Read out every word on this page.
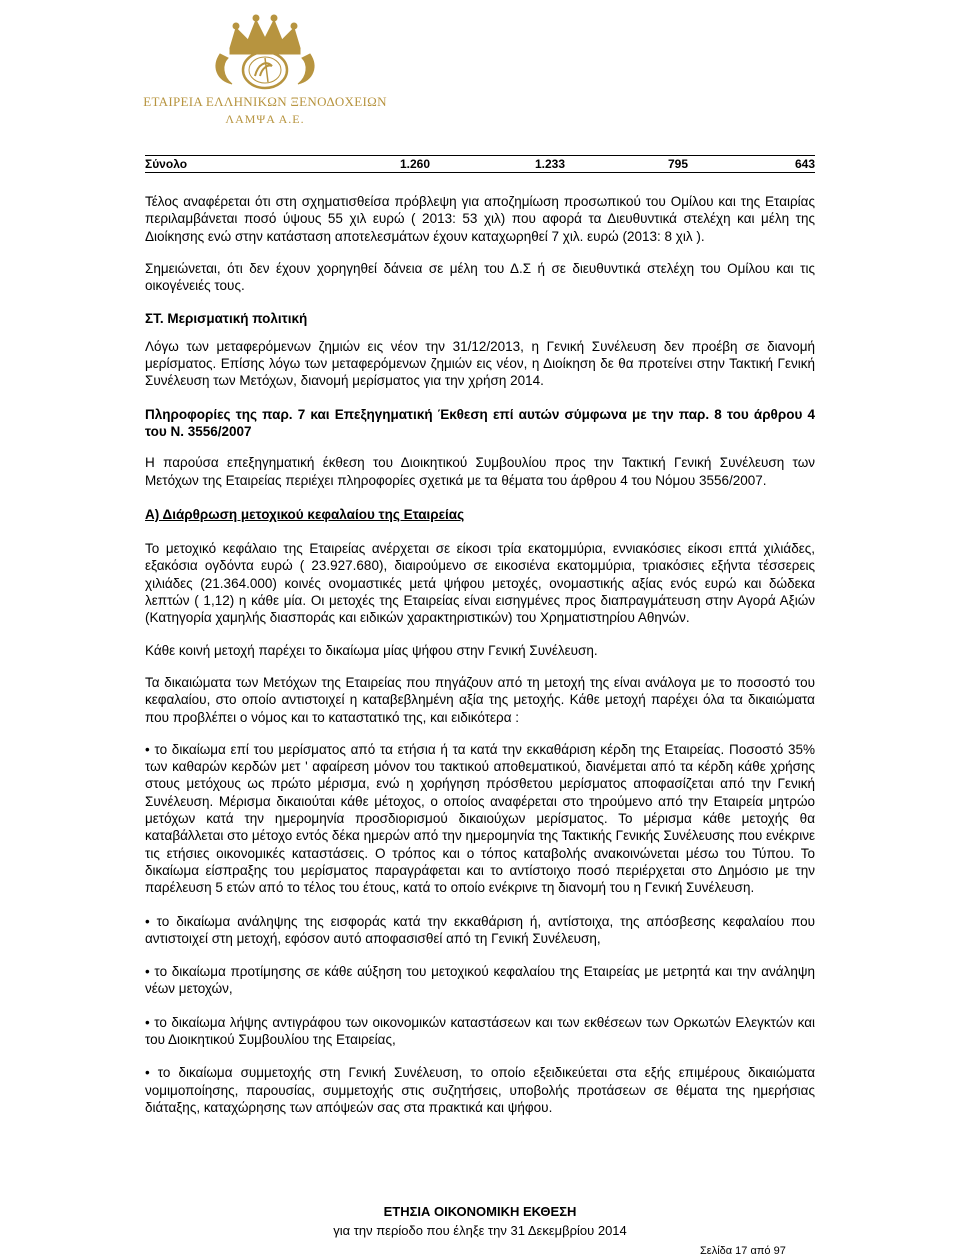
ΕΤΑΙΡΕΙΑ ΕΛΛΗΝΙΚΩΝ ΞΕΝΟΔΟΧΕΙΩΝ
ΛΑΜΨΑ Α.Ε.
Σύνολο	1.260	1.233	795	643

Τέλος αναφέρεται ότι στη σχηματισθείσα πρόβλεψη για αποζημίωση προσωπικού του Ομίλου και της Εταιρίας περιλαμβάνεται ποσό ύψους 55 χιλ ευρώ ( 2013: 53 χιλ) που αφορά τα Διευθυντικά στελέχη και μέλη της Διοίκησης ενώ στην κατάσταση αποτελεσμάτων έχουν καταχωρηθεί 7 χιλ. ευρώ (2013: 8 χιλ ).

Σημειώνεται, ότι δεν έχουν χορηγηθεί δάνεια σε μέλη του Δ.Σ ή σε διευθυντικά στελέχη του Ομίλου και τις οικογένειές τους.

ΣΤ. Μερισματική πολιτική

Λόγω των μεταφερόμενων ζημιών εις νέον την 31/12/2013, η Γενική Συνέλευση δεν προέβη σε διανομή μερίσματος. Επίσης λόγω των μεταφερόμενων ζημιών εις νέον, η Διοίκηση δε θα προτείνει στην Τακτική Γενική Συνέλευση των Μετόχων, διανομή μερίσματος για την χρήση 2014.

Πληροφορίες της παρ. 7 και Επεξηγηματική Έκθεση επί αυτών σύμφωνα με την παρ. 8 του άρθρου 4 του Ν. 3556/2007

Η παρούσα επεξηγηματική έκθεση του Διοικητικού Συμβουλίου προς την Τακτική Γενική Συνέλευση των Μετόχων της Εταιρείας περιέχει πληροφορίες σχετικά με τα θέματα του άρθρου 4 του Νόμου 3556/2007.

Α) Διάρθρωση μετοχικού κεφαλαίου της Εταιρείας

Το μετοχικό κεφάλαιο της Εταιρείας ανέρχεται σε είκοσι τρία εκατομμύρια, εννιακόσιες είκοσι επτά χιλιάδες, εξακόσια ογδόντα ευρώ ( 23.927.680), διαιρούμενο σε εικοσιένα εκατομμύρια, τριακόσιες εξήντα τέσσερεις χιλιάδες (21.364.000) κοινές ονομαστικές μετά ψήφου μετοχές, ονομαστικής αξίας ενός ευρώ και δώδεκα λεπτών ( 1,12) η κάθε μία. Οι μετοχές της Εταιρείας είναι εισηγμένες προς διαπραγμάτευση στην Αγορά Αξιών (Κατηγορία χαμηλής διασποράς και ειδικών χαρακτηριστικών) του Χρηματιστηρίου Αθηνών.

Κάθε κοινή μετοχή παρέχει το δικαίωμα μίας ψήφου στην Γενική Συνέλευση.

Τα δικαιώματα των Μετόχων της Εταιρείας που πηγάζουν από τη μετοχή της είναι ανάλογα με το ποσοστό του κεφαλαίου, στο οποίο αντιστοιχεί η καταβεβλημένη αξία της μετοχής. Κάθε μετοχή παρέχει όλα τα δικαιώματα που προβλέπει ο νόμος και το καταστατικό της, και ειδικότερα :

• το δικαίωμα επί του μερίσματος από τα ετήσια ή τα κατά την εκκαθάριση κέρδη της Εταιρείας. Ποσοστό 35% των καθαρών κερδών μετ ' αφαίρεση μόνον του τακτικού αποθεματικού, διανέμεται από τα κέρδη κάθε χρήσης στους μετόχους ως πρώτο μέρισμα, ενώ η χορήγηση πρόσθετου μερίσματος αποφασίζεται από την Γενική Συνέλευση. Μέρισμα δικαιούται κάθε μέτοχος, ο οποίος αναφέρεται στο τηρούμενο από την Εταιρεία μητρώο μετόχων κατά την ημερομηνία προσδιορισμού δικαιούχων μερίσματος. Το μέρισμα κάθε μετοχής θα καταβάλλεται στο μέτοχο εντός δέκα ημερών από την ημερομηνία της Τακτικής Γενικής Συνέλευσης που ενέκρινε τις ετήσιες οικονομικές καταστάσεις. Ο τρόπος και ο τόπος καταβολής ανακοινώνεται μέσω του Τύπου. Το δικαίωμα είσπραξης του μερίσματος παραγράφεται και το αντίστοιχο ποσό περιέρχεται στο Δημόσιο με την παρέλευση 5 ετών από το τέλος του έτους, κατά το οποίο ενέκρινε τη διανομή του η Γενική Συνέλευση.

• το δικαίωμα ανάληψης της εισφοράς κατά την εκκαθάριση ή, αντίστοιχα, της απόσβεσης κεφαλαίου που αντιστοιχεί στη μετοχή, εφόσον αυτό αποφασισθεί από τη Γενική Συνέλευση,

• το δικαίωμα προτίμησης σε κάθε αύξηση του μετοχικού κεφαλαίου της Εταιρείας με μετρητά και την ανάληψη νέων μετοχών,

• το δικαίωμα λήψης αντιγράφου των οικονομικών καταστάσεων και των εκθέσεων των Ορκωτών Ελεγκτών και του Διοικητικού Συμβουλίου της Εταιρείας,

• το δικαίωμα συμμετοχής στη Γενική Συνέλευση, το οποίο εξειδικεύεται στα εξής επιμέρους δικαιώματα νομιμοποίησης, παρουσίας, συμμετοχής στις συζητήσεις, υποβολής προτάσεων σε θέματα της ημερήσιας διάταξης, καταχώρησης των απόψεών σας στα πρακτικά και ψήφου.

ΕΤΗΣΙΑ ΟΙΚΟΝΟΜΙΚΗ ΕΚΘΕΣΗ
για την περίοδο που έληξε την 31 Δεκεμβρίου 2014
Σελίδα 17 από 97
